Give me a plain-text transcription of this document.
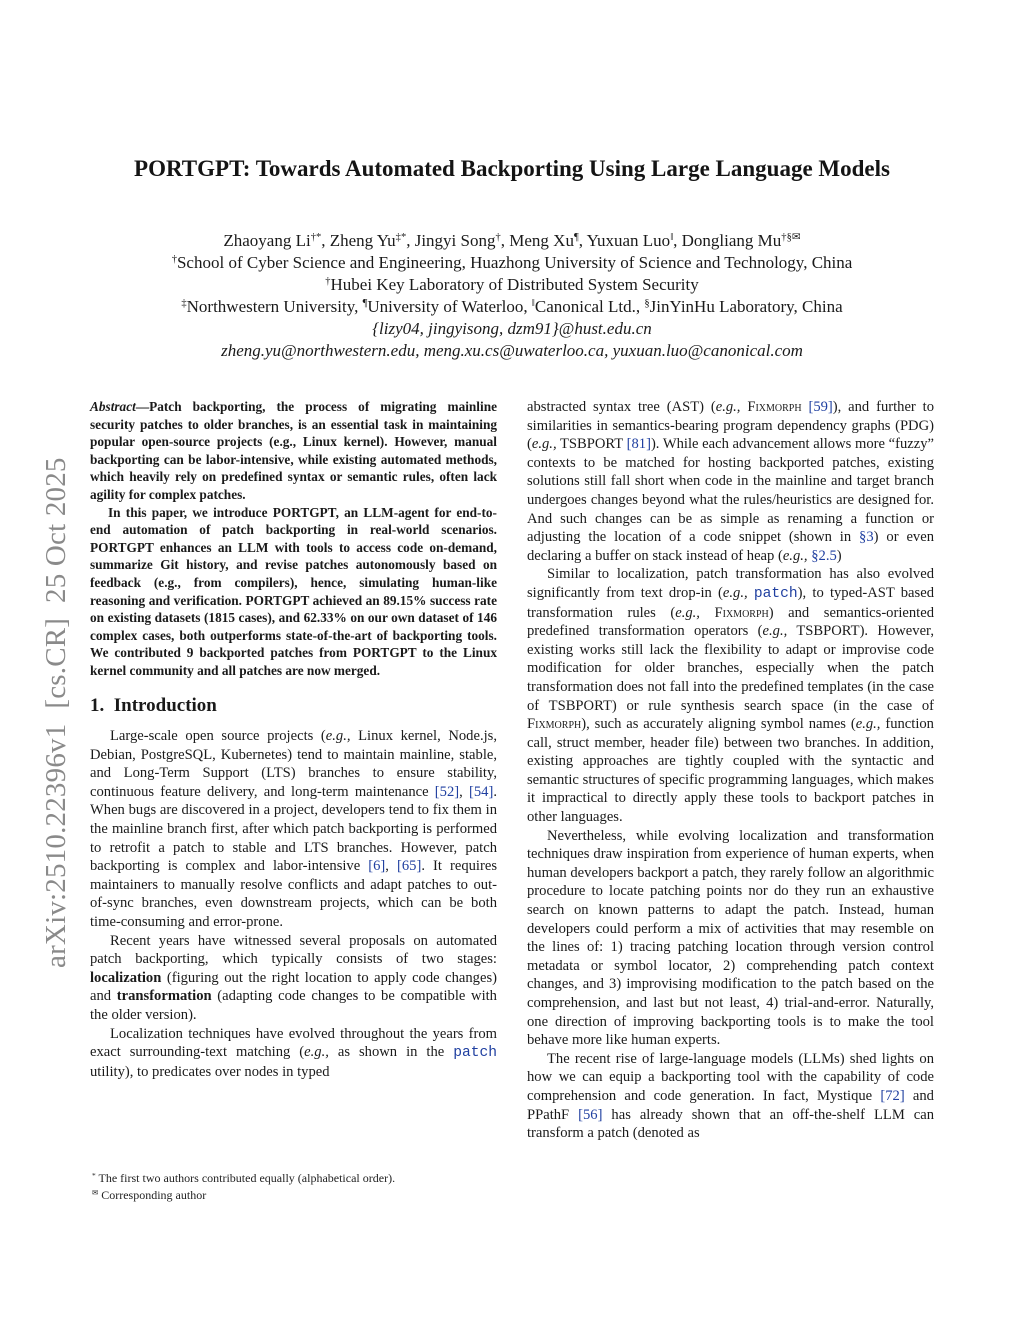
arXiv:2510.22396v1  [cs.CR]  25 Oct 2025
PORTGPT: Towards Automated Backporting Using Large Language Models
Zhaoyang Li†*, Zheng Yu‡*, Jingyi Song†, Meng Xu¶, Yuxuan Luo‖, Dongliang Mu†§✉
†School of Cyber Science and Engineering, Huazhong University of Science and Technology, China
†Hubei Key Laboratory of Distributed System Security
‡Northwestern University, ¶University of Waterloo, ‖Canonical Ltd., §JinYinHu Laboratory, China
{lizy04, jingyisong, dzm91}@hust.edu.cn
zheng.yu@northwestern.edu, meng.xu.cs@uwaterloo.ca, yuxuan.luo@canonical.com

Abstract—Patch backporting, the process of migrating mainline security patches to older branches, is an essential task in maintaining popular open-source projects (e.g., Linux kernel). However, manual backporting can be labor-intensive, while existing automated methods, which heavily rely on predefined syntax or semantic rules, often lack agility for complex patches.

In this paper, we introduce PORTGPT, an LLM-agent for end-to-end automation of patch backporting in real-world scenarios. PORTGPT enhances an LLM with tools to access code on-demand, summarize Git history, and revise patches autonomously based on feedback (e.g., from compilers), hence, simulating human-like reasoning and verification. PORTGPT achieved an 89.15% success rate on existing datasets (1815 cases), and 62.33% on our own dataset of 146 complex cases, both outperforms state-of-the-art of backporting tools. We contributed 9 backported patches from PORTGPT to the Linux kernel community and all patches are now merged.

1. Introduction

Large-scale open source projects (e.g., Linux kernel, Node.js, Debian, PostgreSQL, Kubernetes) tend to maintain mainline, stable, and Long-Term Support (LTS) branches to ensure stability, continuous feature delivery, and long-term maintenance [52], [54]. When bugs are discovered in a project, developers tend to fix them in the mainline branch first, after which patch backporting is performed to retrofit a patch to stable and LTS branches. However, patch backporting is complex and labor-intensive [6], [65]. It requires maintainers to manually resolve conflicts and adapt patches to out-of-sync branches, even downstream projects, which can be both time-consuming and error-prone.

Recent years have witnessed several proposals on automated patch backporting, which typically consists of two stages: localization (figuring out the right location to apply code changes) and transformation (adapting code changes to be compatible with the older version).

Localization techniques have evolved throughout the years from exact surrounding-text matching (e.g., as shown in the patch utility), to predicates over nodes in typed

* The first two authors contributed equally (alphabetical order).
✉ Corresponding author

abstracted syntax tree (AST) (e.g., Fixmorph [59]), and further to similarities in semantics-bearing program dependency graphs (PDG) (e.g., TSBPORT [81]). While each advancement allows more “fuzzy” contexts to be matched for hosting backported patches, existing solutions still fall short when code in the mainline and target branch undergoes changes beyond what the rules/heuristics are designed for. And such changes can be as simple as renaming a function or adjusting the location of a code snippet (shown in §3) or even declaring a buffer on stack instead of heap (e.g., §2.5)

Similar to localization, patch transformation has also evolved significantly from text drop-in (e.g., patch), to typed-AST based transformation rules (e.g., Fixmorph) and semantics-oriented predefined transformation operators (e.g., TSBPORT). However, existing works still lack the flexibility to adapt or improvise code modification for older branches, especially when the patch transformation does not fall into the predefined templates (in the case of TSBPORT) or rule synthesis search space (in the case of Fixmorph), such as accurately aligning symbol names (e.g., function call, struct member, header file) between two branches. In addition, existing approaches are tightly coupled with the syntactic and semantic structures of specific programming languages, which makes it impractical to directly apply these tools to backport patches in other languages.

Nevertheless, while evolving localization and transformation techniques draw inspiration from experience of human experts, when human developers backport a patch, they rarely follow an algorithmic procedure to locate patching points nor do they run an exhaustive search on known patterns to adapt the patch. Instead, human developers could perform a mix of activities that may resemble on the lines of: 1) tracing patching location through version control metadata or symbol locator, 2) comprehending patch context changes, and 3) improvising modification to the patch based on the comprehension, and last but not least, 4) trial-and-error. Naturally, one direction of improving backporting tools is to make the tool behave more like human experts.

The recent rise of large-language models (LLMs) shed lights on how we can equip a backporting tool with the capability of code comprehension and code generation. In fact, Mystique [72] and PPathF [56] has already shown that an off-the-shelf LLM can transform a patch (denoted as
